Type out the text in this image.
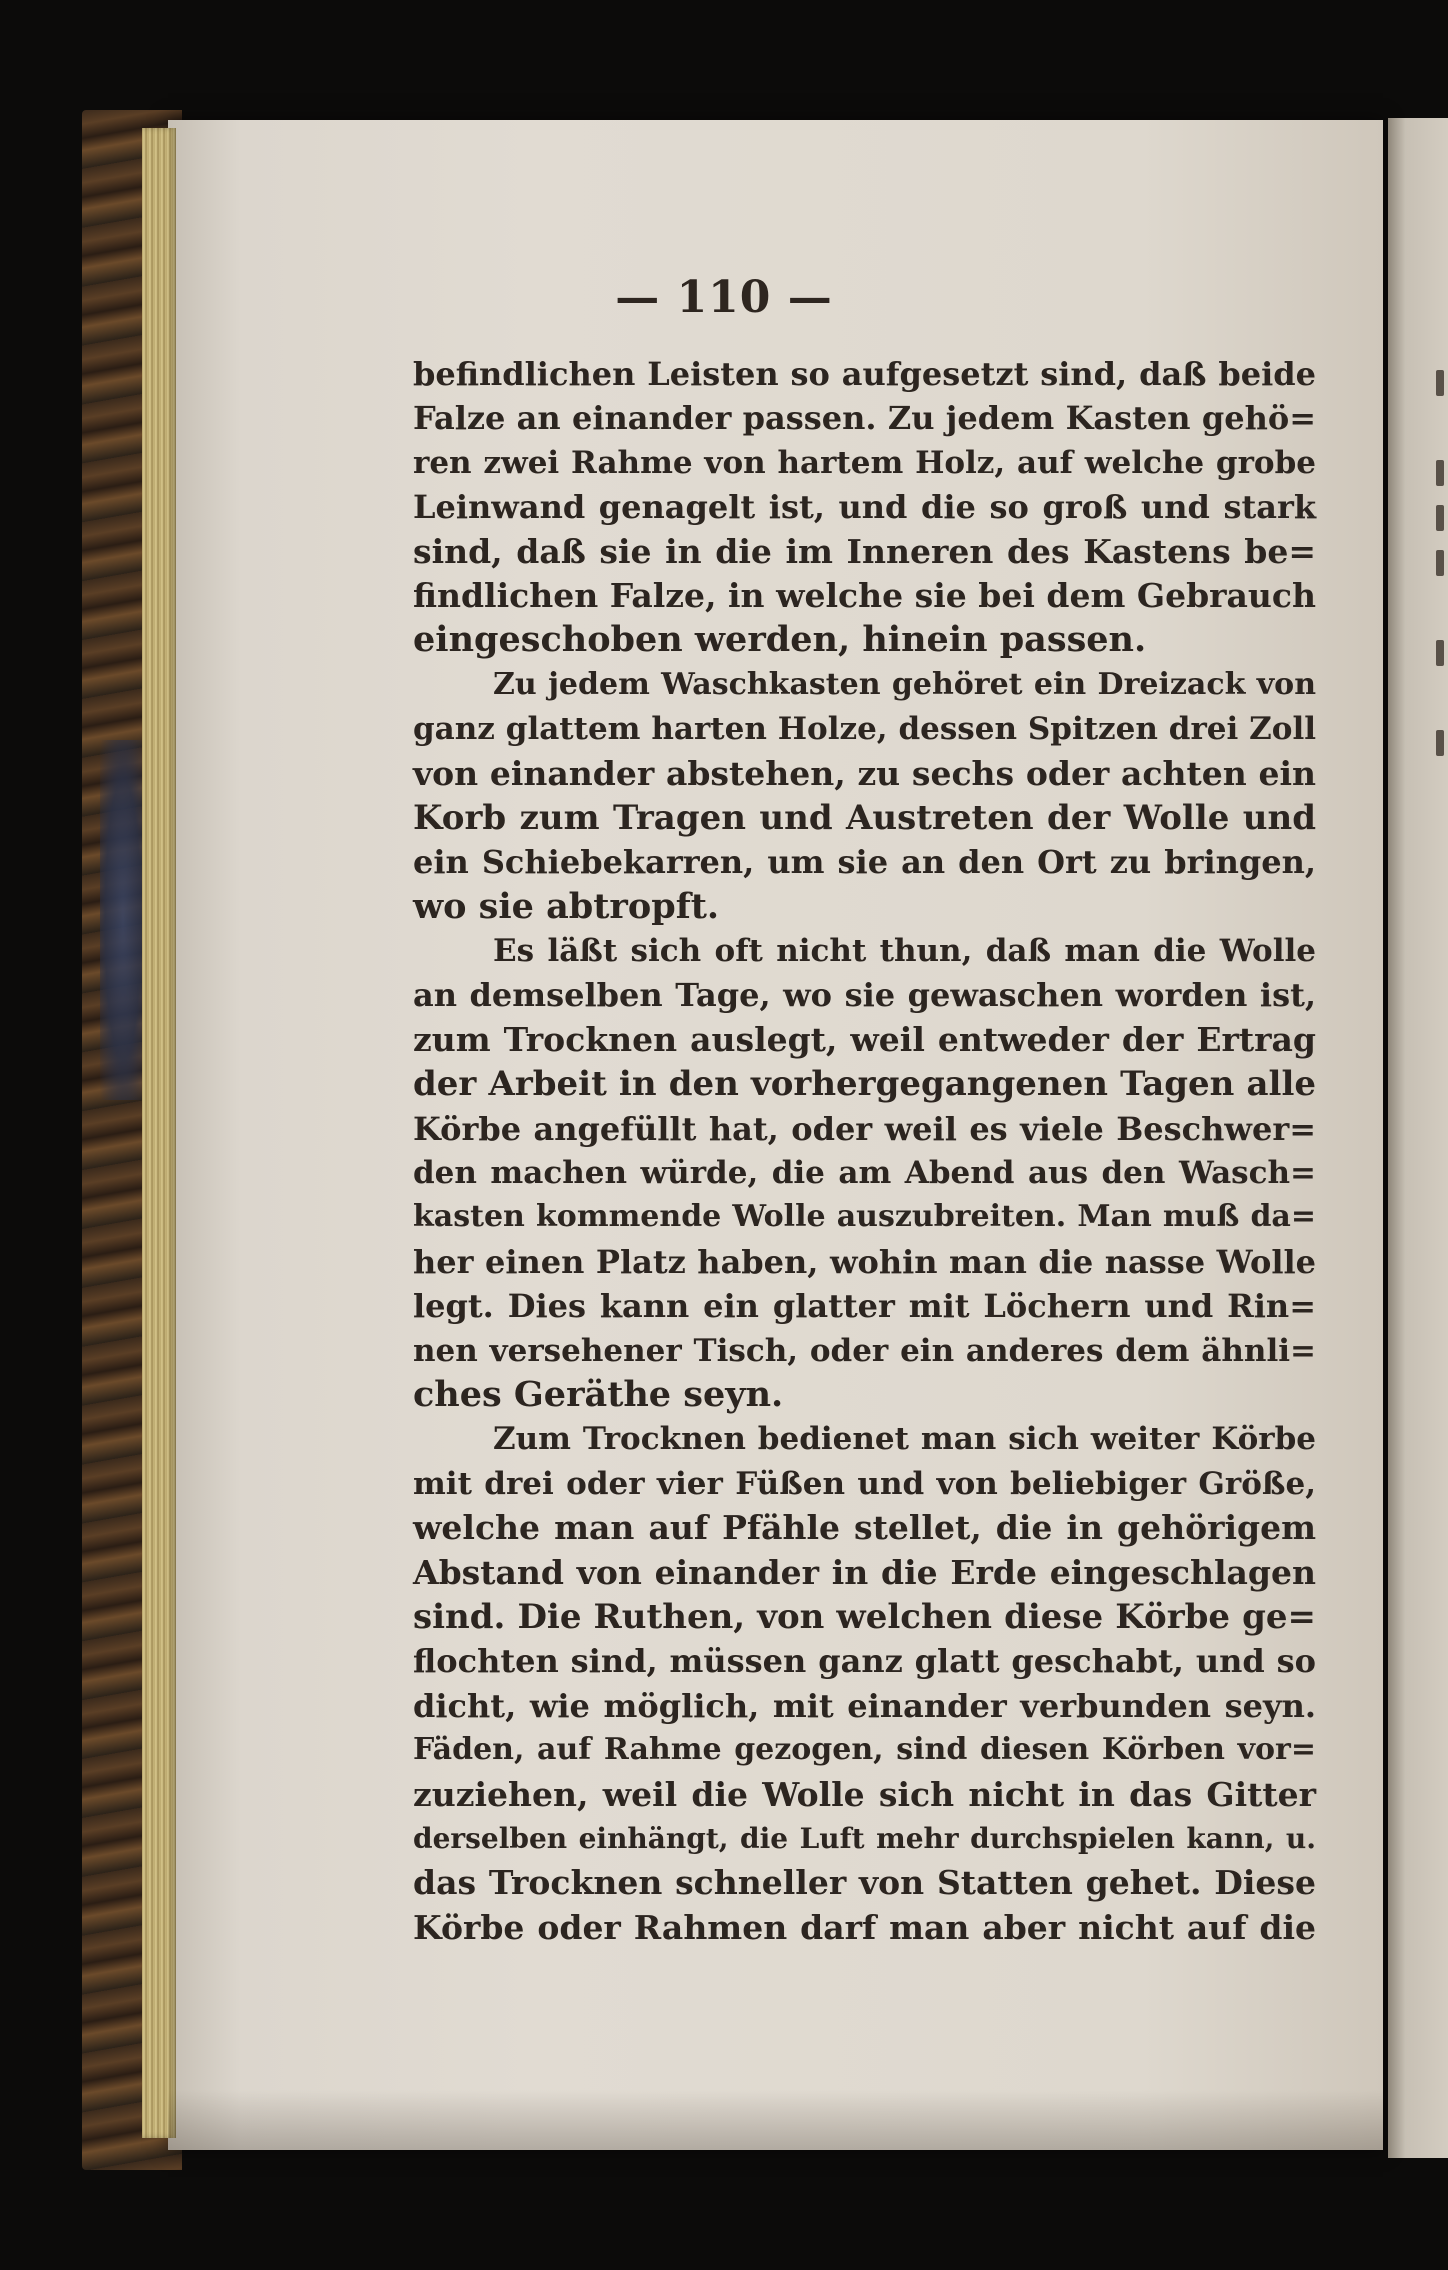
— 110 —
befindlichen Leisten so aufgesetzt sind, daß beide
Falze an einander passen. Zu jedem Kasten gehö=
ren zwei Rahme von hartem Holz, auf welche grobe
Leinwand genagelt ist, und die so groß und stark
sind, daß sie in die im Inneren des Kastens be=
findlichen Falze, in welche sie bei dem Gebrauch
eingeschoben werden, hinein passen.
Zu jedem Waschkasten gehöret ein Dreizack von
ganz glattem harten Holze, dessen Spitzen drei Zoll
von einander abstehen, zu sechs oder achten ein
Korb zum Tragen und Austreten der Wolle und
ein Schiebekarren, um sie an den Ort zu bringen,
wo sie abtropft.
Es läßt sich oft nicht thun, daß man die Wolle
an demselben Tage, wo sie gewaschen worden ist,
zum Trocknen auslegt, weil entweder der Ertrag
der Arbeit in den vorhergegangenen Tagen alle
Körbe angefüllt hat, oder weil es viele Beschwer=
den machen würde, die am Abend aus den Wasch=
kasten kommende Wolle auszubreiten. Man muß da=
her einen Platz haben, wohin man die nasse Wolle
legt. Dies kann ein glatter mit Löchern und Rin=
nen versehener Tisch, oder ein anderes dem ähnli=
ches Geräthe seyn.
Zum Trocknen bedienet man sich weiter Körbe
mit drei oder vier Füßen und von beliebiger Größe,
welche man auf Pfähle stellet, die in gehörigem
Abstand von einander in die Erde eingeschlagen
sind. Die Ruthen, von welchen diese Körbe ge=
flochten sind, müssen ganz glatt geschabt, und so
dicht, wie möglich, mit einander verbunden seyn.
Fäden, auf Rahme gezogen, sind diesen Körben vor=
zuziehen, weil die Wolle sich nicht in das Gitter
derselben einhängt, die Luft mehr durchspielen kann, u.
das Trocknen schneller von Statten gehet. Diese
Körbe oder Rahmen darf man aber nicht auf die
